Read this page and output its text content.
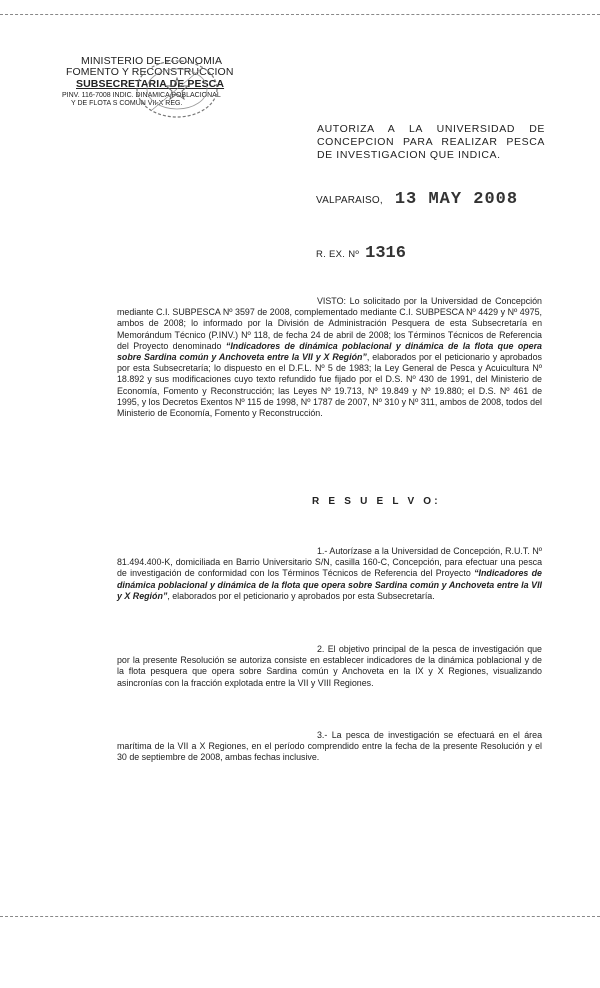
MINISTERIO DE ECONOMIA
FOMENTO Y RECONSTRUCCION
SUBSECRETARIA DE PESCA
PINV. 116-7008 INDIC. DINAMICA POBLACIONAL
Y DE FLOTA S COMUN VII-X REG.
AUTORIZA A LA UNIVERSIDAD DE CONCEPCION PARA REALIZAR PESCA DE INVESTIGACION QUE INDICA.
VALPARAISO, 13 MAY 2008
R. EX. Nº 1316
VISTO: Lo solicitado por la Universidad de Concepción mediante C.I. SUBPESCA Nº 3597 de 2008, complementado mediante C.I. SUBPESCA Nº 4429 y Nº 4975, ambos de 2008; lo informado por la División de Administración Pesquera de esta Subsecretaría en Memorándum Técnico (P.INV.) Nº 118, de fecha 24 de abril de 2008; los Términos Técnicos de Referencia del Proyecto denominado “Indicadores de dinámica poblacional y dinámica de la flota que opera sobre Sardina común y Anchoveta entre la VII y X Región”, elaborados por el peticionario y aprobados por esta Subsecretaría; lo dispuesto en el D.F.L. Nº 5 de 1983; la Ley General de Pesca y Acuicultura Nº 18.892 y sus modificaciones cuyo texto refundido fue fijado por el D.S. Nº 430 de 1991, del Ministerio de Economía, Fomento y Reconstrucción; las Leyes Nº 19.713, Nº 19.849 y Nº 19.880; el D.S. Nº 461 de 1995, y los Decretos Exentos Nº 115 de 1998, Nº 1787 de 2007, Nº 310 y Nº 311, ambos de 2008, todos del Ministerio de Economía, Fomento y Reconstrucción.
R E S U E L V O:
1.- Autorízase a la Universidad de Concepción, R.U.T. Nº 81.494.400-K, domiciliada en Barrio Universitario S/N, casilla 160-C, Concepción, para efectuar una pesca de investigación de conformidad con los Términos Técnicos de Referencia del Proyecto “Indicadores de dinámica poblacional y dinámica de la flota que opera sobre Sardina común y Anchoveta entre la VII y X Región”, elaborados por el peticionario y aprobados por esta Subsecretaría.
2. El objetivo principal de la pesca de investigación que por la presente Resolución se autoriza consiste en establecer indicadores de la dinámica poblacional y de la flota pesquera que opera sobre Sardina común y Anchoveta en la IX y X Regiones, visualizando asincronías con la fracción explotada entre la VII y VIII Regiones.
3.- La pesca de investigación se efectuará en el área marítima de la VII a X Regiones, en el período comprendido entre la fecha de la presente Resolución y el 30 de septiembre de 2008, ambas fechas inclusive.
